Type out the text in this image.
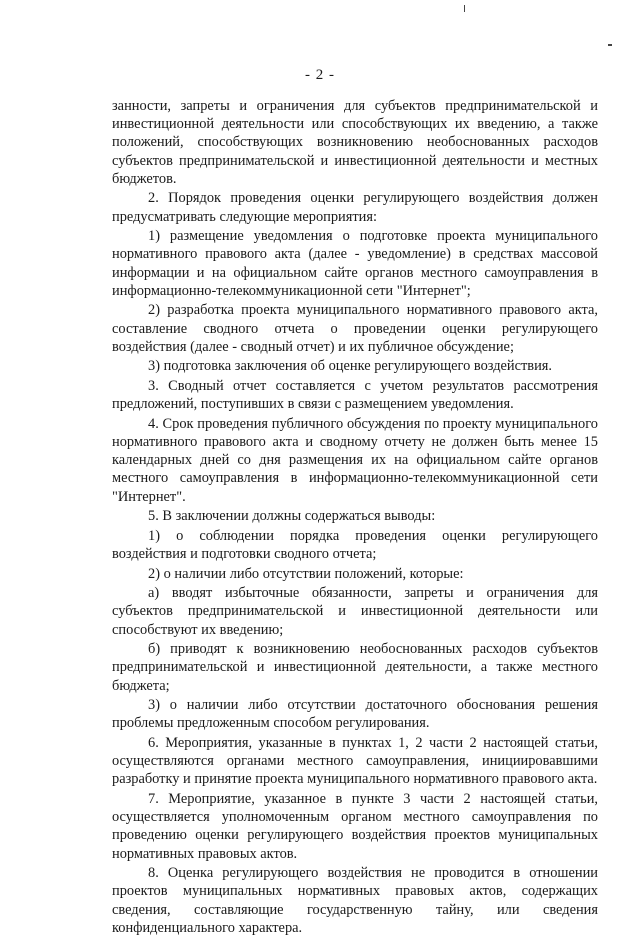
- 2 -

занности, запреты и ограничения для субъектов предпринимательской и инвестиционной деятельности или способствующих их введению, а также положений, способствующих возникновению необоснованных расходов субъектов предпринимательской и инвестиционной деятельности и местных бюджетов.

2. Порядок проведения оценки регулирующего воздействия должен предусматривать следующие мероприятия:

1) размещение уведомления о подготовке проекта муниципального нормативного правового акта (далее - уведомление) в средствах массовой информации и на официальном сайте органов местного самоуправления в информационно-телекоммуникационной сети "Интернет";

2) разработка проекта муниципального нормативного правового акта, составление сводного отчета о проведении оценки регулирующего воздействия (далее - сводный отчет) и их публичное обсуждение;

3) подготовка заключения об оценке регулирующего воздействия.

3. Сводный отчет составляется с учетом результатов рассмотрения предложений, поступивших в связи с размещением уведомления.

4. Срок проведения публичного обсуждения по проекту муниципального нормативного правового акта и сводному отчету не должен быть менее 15 календарных дней со дня размещения их на официальном сайте органов местного самоуправления в информационно-телекоммуникационной сети "Интернет".

5. В заключении должны содержаться выводы:

1) о соблюдении порядка проведения оценки регулирующего воздействия и подготовки сводного отчета;

2) о наличии либо отсутствии положений, которые:

а) вводят избыточные обязанности, запреты и ограничения для субъектов предпринимательской и инвестиционной деятельности или способствуют их введению;

б) приводят к возникновению необоснованных расходов субъектов предпринимательской и инвестиционной деятельности, а также местного бюджета;

3) о наличии либо отсутствии достаточного обоснования решения проблемы предложенным способом регулирования.

6. Мероприятия, указанные в пунктах 1, 2 части 2 настоящей статьи, осуществляются органами местного самоуправления, инициировавшими разработку и принятие проекта муниципального нормативного правового акта.

7. Мероприятие, указанное в пункте 3 части 2 настоящей статьи, осуществляется уполномоченным органом местного самоуправления по проведению оценки регулирующего воздействия проектов муниципальных нормативных правовых актов.

8. Оценка регулирующего воздействия не проводится в отношении проектов муниципальных нормативных правовых актов, содержащих сведения, составляющие государственную тайну, или сведения конфиденциального характера.
